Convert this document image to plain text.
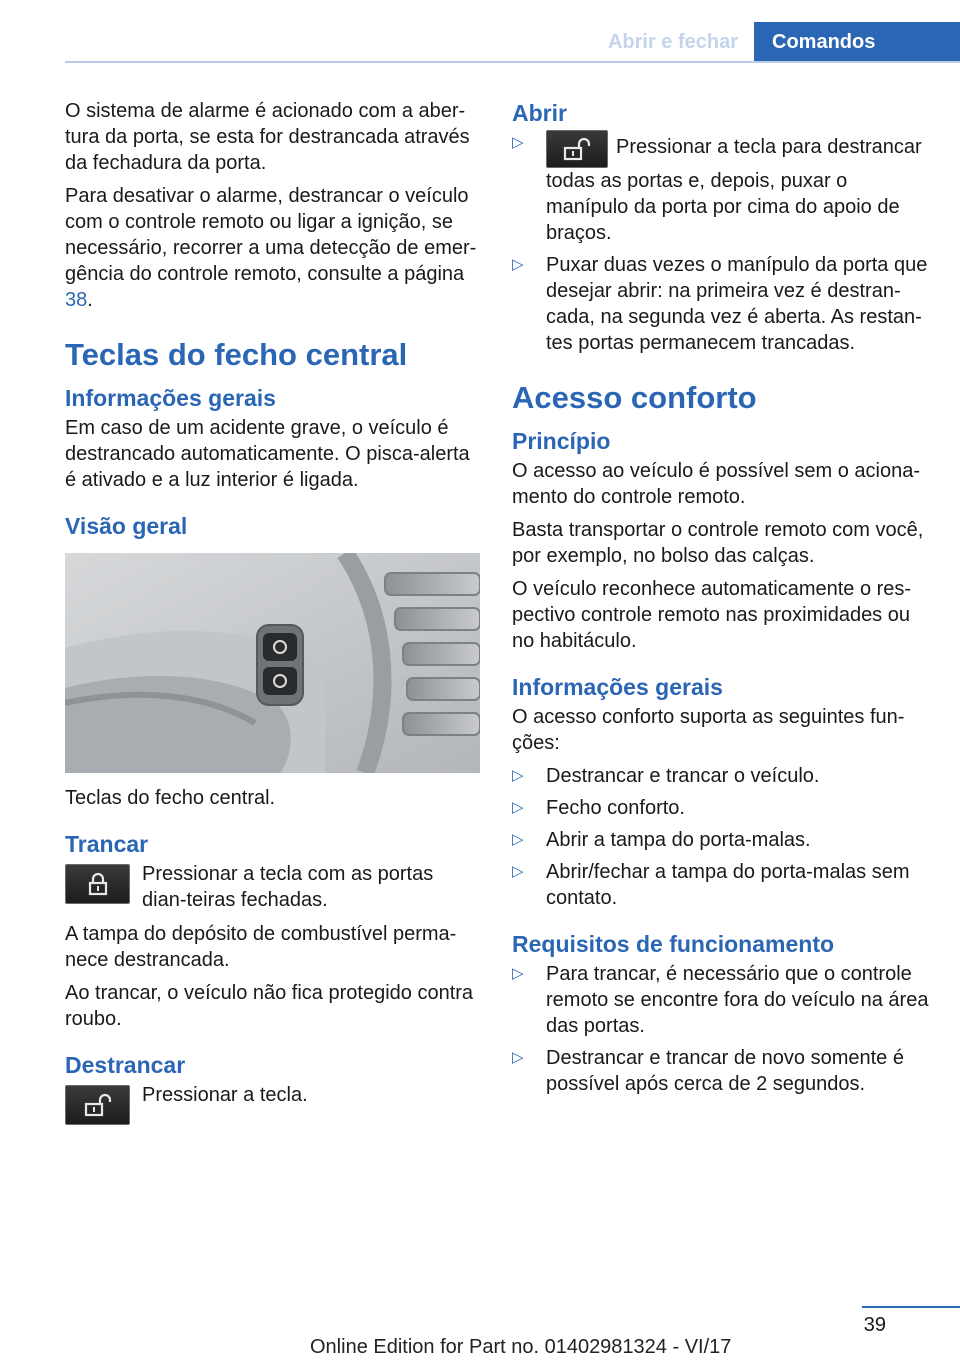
Abrir e fechar	Comandos

O sistema de alarme é acionado com a aber-tura da porta, se esta for destrancada através da fechadura da porta.

Para desativar o alarme, destrancar o veículo com o controle remoto ou ligar a ignição, se necessário, recorrer a uma detecção de emer-gência do controle remoto, consulte a página 38.

Teclas do fecho central
Informações gerais

Em caso de um acidente grave, o veículo é destrancado automaticamente. O pisca-alerta é ativado e a luz interior é ligada.

Visão geral

Teclas do fecho central.

Trancar

Pressionar a tecla com as portas dian-teiras fechadas.

A tampa do depósito de combustível perma-nece destrancada.

Ao trancar, o veículo não fica protegido contra roubo.

Destrancar

Pressionar a tecla.

Abrir
▷	Pressionar a tecla para destrancar todas as portas e, depois, puxar o manípulo da porta por cima do apoio de braços.
▷ Puxar duas vezes o manípulo da porta que desejar abrir: na primeira vez é destran-cada, na segunda vez é aberta. As restan-tes portas permanecem trancadas.
Acesso conforto
Princípio

O acesso ao veículo é possível sem o aciona-mento do controle remoto.

Basta transportar o controle remoto com você, por exemplo, no bolso das calças.

O veículo reconhece automaticamente o res-pectivo controle remoto nas proximidades ou no habitáculo.

Informações gerais

O acesso conforto suporta as seguintes fun-ções:

▷ Destrancar e trancar o veículo.
▷ Fecho conforto.
▷ Abrir a tampa do porta-malas.
▷ Abrir/fechar a tampa do porta-malas sem contato.
Requisitos de funcionamento
▷ Para trancar, é necessário que o controle remoto se encontre fora do veículo na área das portas.
▷ Destrancar e trancar de novo somente é possível após cerca de 2 segundos.
39
Online Edition for Part no. 01402981324 - VI/17
